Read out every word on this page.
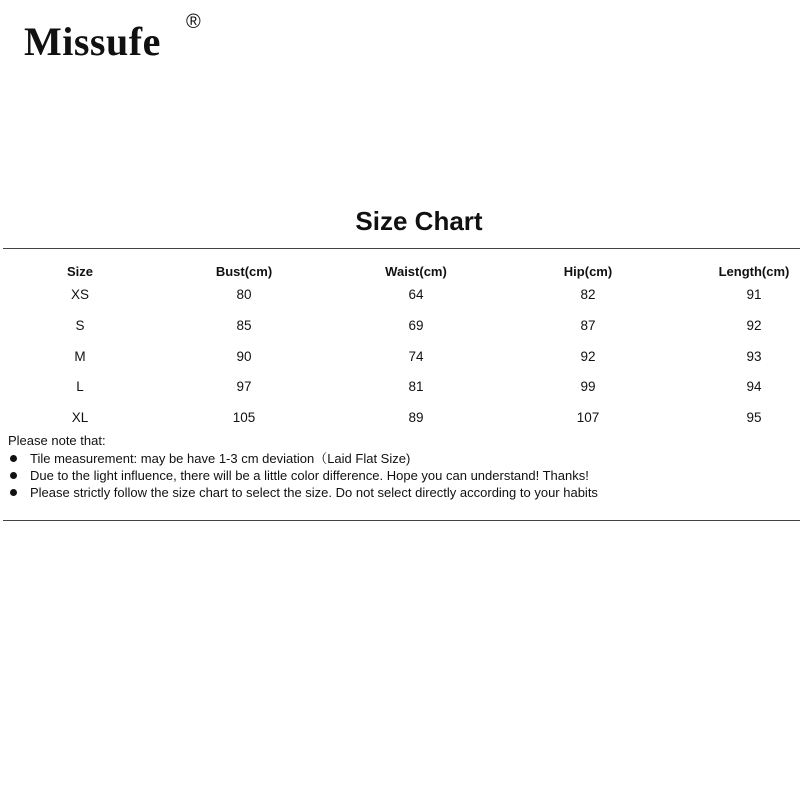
Missufe ®
Size Chart
Size	Bust(cm)	Waist(cm)	Hip(cm)	Length(cm)
XS	80	64	82	91
S	85	69	87	92
M	90	74	92	93
L	97	81	99	94
XL	105	89	107	95

Please note that:

Tile measurement: may be have 1-3 cm deviation（Laid Flat Size)
Due to the light influence, there will be a little color difference. Hope you can understand! Thanks!
Please strictly follow the size chart to select the size. Do not select directly according to your habits
